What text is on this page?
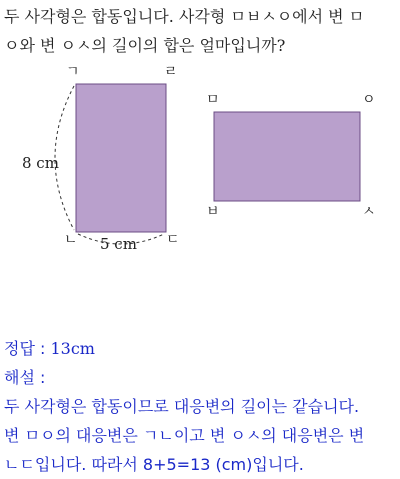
두 사각형은 합동입니다. 사각형 ㅁㅂㅅㅇ에서 변 ㅁ
ㅇ와 변 ㅇㅅ의 길이의 합은 얼마입니까?
ㄱ	ㄹ
ㄴ	ㄷ
8 cm
5 cm
ㅁ	ㅇ
ㅂ	ㅅ
정답 : 13cm
해설 :
두 사각형은 합동이므로 대응변의 길이는 같습니다.
변 ㅁㅇ의 대응변은 ㄱㄴ이고 변 ㅇㅅ의 대응변은 변
ㄴㄷ입니다. 따라서 8+5=13 (cm)입니다.
